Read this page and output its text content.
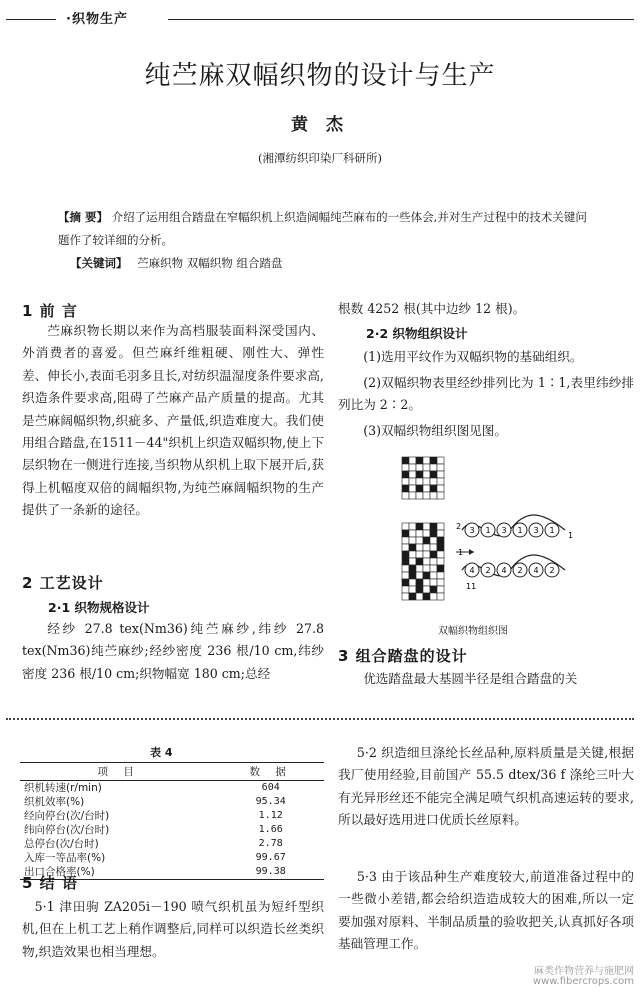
·织物生产
纯苎麻双幅织物的设计与生产
黄 杰
(湘潭纺织印染厂科研所)
【摘 要】 介绍了运用组合踏盘在窄幅织机上织造阔幅纯苎麻布的一些体会,并对生产过程中的技术关键问题作了较详细的分析。
【关键词】 苎麻织物 双幅织物 组合踏盘
1 前 言
苎麻织物长期以来作为高档服装面料深受国内、外消费者的喜爱。但苎麻纤维粗硬、刚性大、弹性差、伸长小,表面毛羽多且长,对纺织温湿度条件要求高,织造条件要求高,阻碍了苎麻产品产质量的提高。尤其是苎麻阔幅织物,织疵多、产量低,织造难度大。我们使用组合踏盘,在1511－44"织机上织造双幅织物,使上下层织物在一侧进行连接,当织物从织机上取下展开后,获得上机幅度双倍的阔幅织物,为纯苎麻阔幅织物的生产提供了一条新的途径。
2 工艺设计
2·1 织物规格设计
经纱 27.8 tex(Nm36)纯苎麻纱,纬纱 27.8 tex(Nm36)纯苎麻纱;经纱密度 236 根/10 cm,纬纱密度 236 根/10 cm;织物幅宽 180 cm;总经
根数 4252 根(其中边纱 12 根)。
2·2 织物组织设计
(1)选用平纹作为双幅织物的基础组织。
(2)双幅织物表里经纱排列比为 1∶1,表里纬纱排列比为 2∶2。
(3)双幅织物组织图见图。
3 1 3 1 3 1
4 2 4 2 4 2
1
2
1
11
双幅织物组织图
3 组合踏盘的设计
优选踏盘最大基圆半径是组合踏盘的关
表 4
项 目	数 据
织机转速(r/min)	604
织机效率(%)	95.34
经向停台(次/台时)	1.12
纬向停台(次/台时)	1.66
总停台(次/台时)	2.78
入库一等品率(%)	99.67
出口合格率(%)	99.38
5 结 语
5·1 津田驹 ZA205i－190 喷气织机虽为短纤型织机,但在上机工艺上稍作调整后,同样可以织造长丝类织物,织造效果也相当理想。
5·2 织造细旦涤纶长丝品种,原料质量是关键,根据我厂使用经验,目前国产 55.5 dtex/36 f 涤纶三叶大有光异形丝还不能完全满足喷气织机高速运转的要求,所以最好选用进口优质长丝原料。
5·3 由于该品种生产难度较大,前道准备过程中的一些微小差错,都会给织造造成较大的困难,所以一定要加强对原料、半制品质量的验收把关,认真抓好各项基础管理工作。
麻类作物营养与施肥网
www.fibercrops.com
